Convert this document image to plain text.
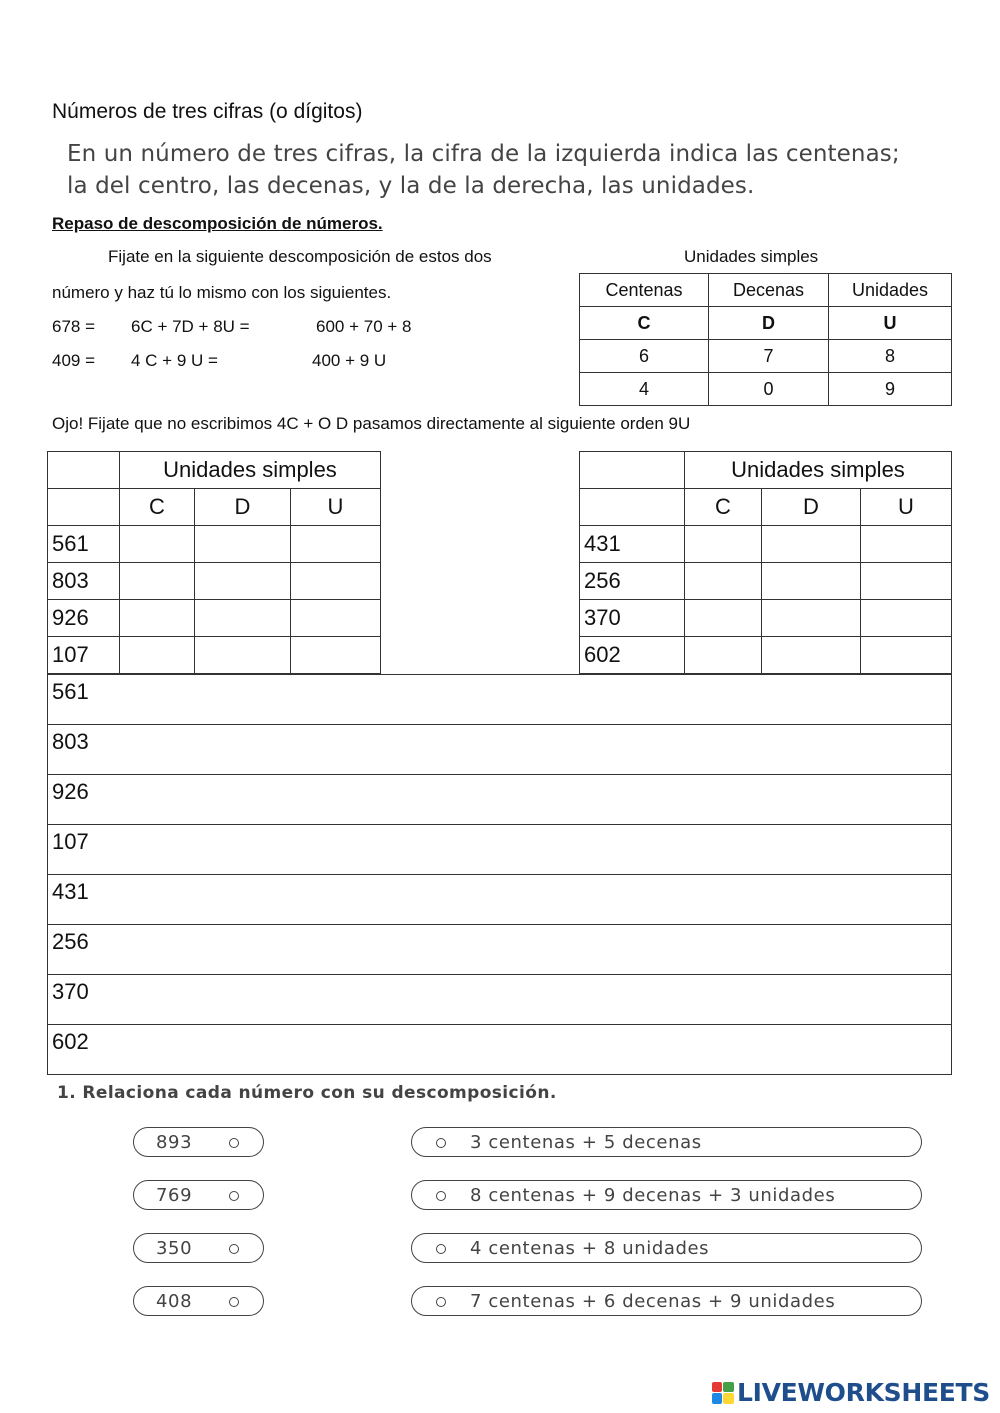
Números de tres cifras (o dígitos)
En un número de tres cifras, la cifra de la izquierda indica las centenas;
la del centro, las decenas, y la de la derecha, las unidades.
Repaso de descomposición de números.
Fijate en la siguiente descomposición de estos dos
número y haz tú lo mismo con los siguientes.
678 = 6C + 7D + 8U =	600 + 70 + 8
409 = 4 C + 9 U =	400 + 9 U
Unidades simples
Centenas	Decenas	Unidades
C	D	U
6	7	8
4	0	9
Ojo! Fijate que no escribimos 4C + O D pasamos directamente al siguiente orden 9U
	Unidades simples		
	C	D	U
561			
803			
926			
107			
	Unidades simples		
	C	D	U
431			
256			
370			
602			
561
803
926
107
431
256
370
602
1. Relaciona cada número con su descomposición.
893
769
350
408
3 centenas + 5 decenas
8 centenas + 9 decenas + 3 unidades
4 centenas + 8 unidades
7 centenas + 6 decenas + 9 unidades
LIVEWORKSHEETS
